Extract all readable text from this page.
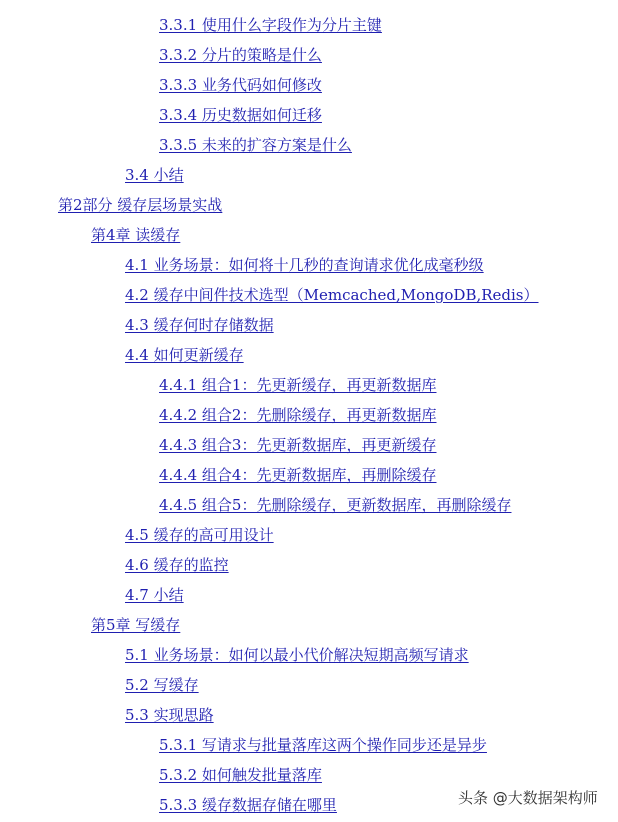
3.3.1 使用什么字段作为分片主键
3.3.2 分片的策略是什么
3.3.3 业务代码如何修改
3.3.4 历史数据如何迁移
3.3.5 未来的扩容方案是什么
3.4 小结
第2部分 缓存层场景实战
第4章 读缓存
4.1 业务场景：如何将十几秒的查询请求优化成毫秒级
4.2 缓存中间件技术选型（Memcached,MongoDB,Redis）
4.3 缓存何时存储数据
4.4 如何更新缓存
4.4.1 组合1：先更新缓存，再更新数据库
4.4.2 组合2：先删除缓存，再更新数据库
4.4.3 组合3：先更新数据库，再更新缓存
4.4.4 组合4：先更新数据库，再删除缓存
4.4.5 组合5：先删除缓存，更新数据库，再删除缓存
4.5 缓存的高可用设计
4.6 缓存的监控
4.7 小结
第5章 写缓存
5.1 业务场景：如何以最小代价解决短期高频写请求
5.2 写缓存
5.3 实现思路
5.3.1 写请求与批量落库这两个操作同步还是异步
5.3.2 如何触发批量落库
5.3.3 缓存数据存储在哪里	头条 @大数据架构师
